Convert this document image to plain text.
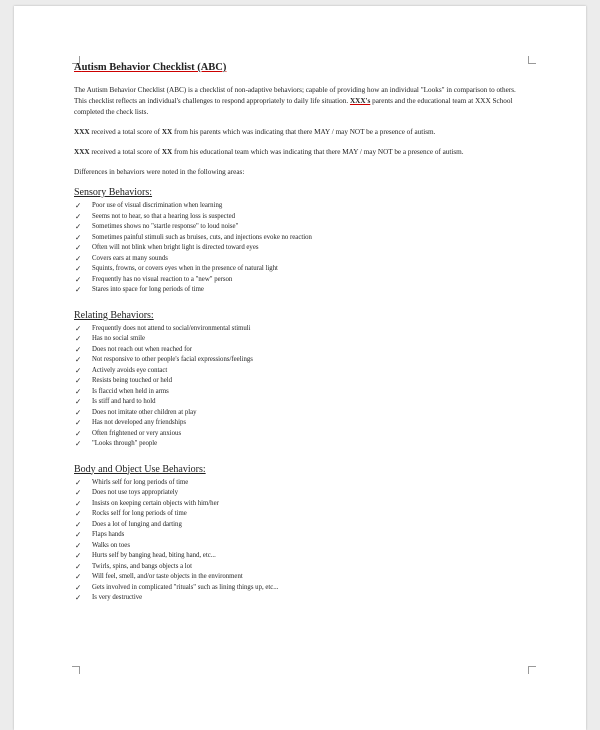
Autism Behavior Checklist (ABC)

The Autism Behavior Checklist (ABC) is a checklist of non-adaptive behaviors; capable of providing how an individual "Looks" in comparison to others. This checklist reflects an individual's challenges to respond appropriately to daily life situation. XXX's parents and the educational team at XXX School completed the check lists.

XXX received a total score of XX from his parents which was indicating that there MAY / may NOT be a presence of autism.

XXX received a total score of XX from his educational team which was indicating that there MAY / may NOT be a presence of autism.

Differences in behaviors were noted in the following areas:

Sensory Behaviors:
✓ Poor use of visual discrimination when learning
✓ Seems not to hear, so that a hearing loss is suspected
✓ Sometimes shows no "startle response" to loud noise"
✓ Sometimes painful stimuli such as bruises, cuts, and injections evoke no reaction
✓ Often will not blink when bright light is directed toward eyes
✓ Covers ears at many sounds
✓ Squints, frowns, or covers eyes when in the presence of natural light
✓ Frequently has no visual reaction to a "new" person
✓ Stares into space for long periods of time
Relating Behaviors:
✓ Frequently does not attend to social/environmental stimuli
✓ Has no social smile
✓ Does not reach out when reached for
✓ Not responsive to other people's facial expressions/feelings
✓ Actively avoids eye contact
✓ Resists being touched or held
✓ Is flaccid when held in arms
✓ Is stiff and hard to hold
✓ Does not imitate other children at play
✓ Has not developed any friendships
✓ Often frightened or very anxious
✓ "Looks through" people
Body and Object Use Behaviors:
✓ Whirls self for long periods of time
✓ Does not use toys appropriately
✓ Insists on keeping certain objects with him/her
✓ Rocks self for long periods of time
✓ Does a lot of lunging and darting
✓ Flaps hands
✓ Walks on toes
✓ Hurts self by banging head, biting hand, etc...
✓ Twirls, spins, and bangs objects a lot
✓ Will feel, smell, and/or taste objects in the environment
✓ Gets involved in complicated "rituals" such as lining things up, etc...
✓ Is very destructive
